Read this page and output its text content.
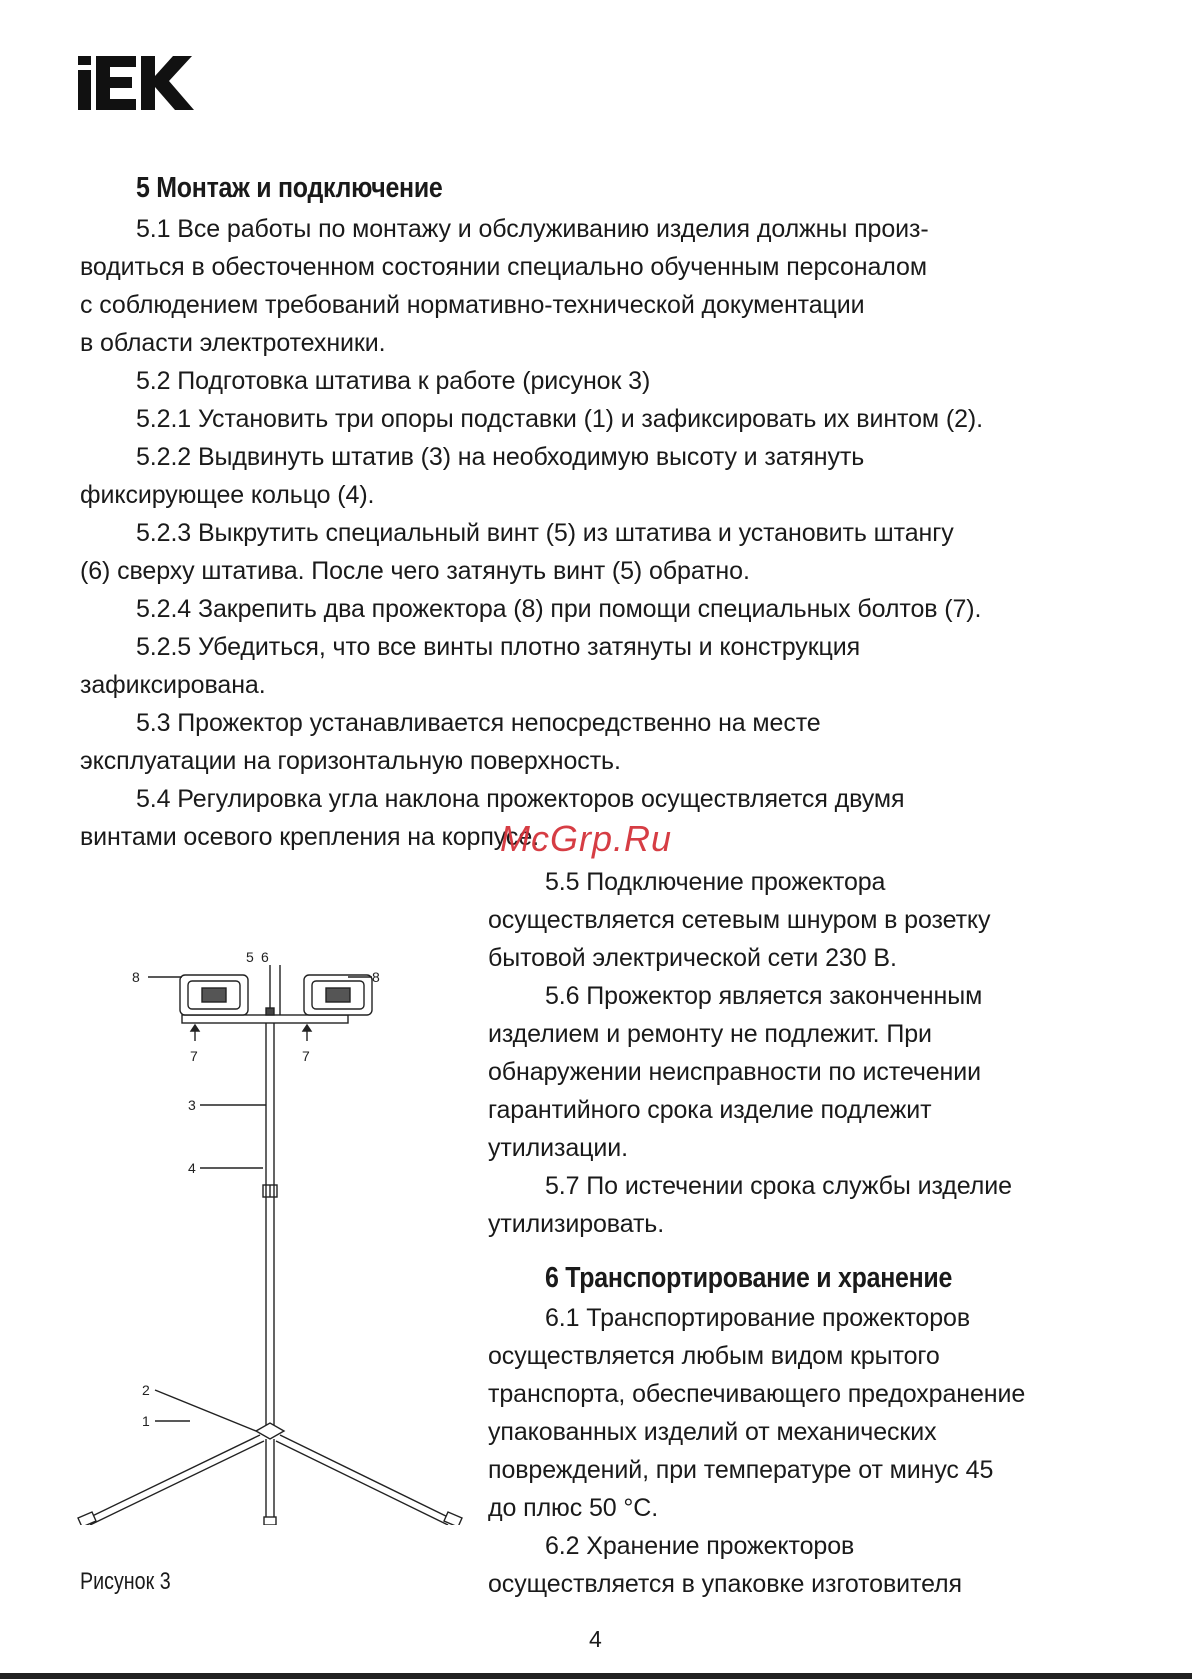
5 Монтаж и подключение
5.1 Все работы по монтажу и обслуживанию изделия должны произ-
водиться в обесточенном состоянии специально обученным персоналом
с соблюдением требований нормативно-технической документации
в области электротехники.
5.2 Подготовка штатива к работе (рисунок 3)
5.2.1 Установить три опоры подставки (1) и зафиксировать их винтом (2).
5.2.2 Выдвинуть штатив (3) на необходимую высоту и затянуть
фиксирующее кольцо (4).
5.2.3 Выкрутить специальный винт (5) из штатива и установить штангу
(6) сверху штатива. После чего затянуть винт (5) обратно.
5.2.4 Закрепить два прожектора (8) при помощи специальных болтов (7).
5.2.5 Убедиться, что все винты плотно затянуты и конструкция
зафиксирована.
5.3 Прожектор устанавливается непосредственно на месте
эксплуатации на горизонтальную поверхность.
5.4 Регулировка угла наклона прожекторов осуществляется двумя
винтами осевого крепления на корпусе.
McGrp.Ru
5.5 Подключение прожектора
осуществляется сетевым шнуром в розетку
бытовой электрической сети 230 В.
5.6 Прожектор является законченным
изделием и ремонту не подлежит. При
обнаружении неисправности по истечении
гарантийного срока изделие подлежит
утилизации.
5.7 По истечении срока службы изделие
утилизировать.
6 Транспортирование и хранение
6.1 Транспортирование прожекторов
осуществляется любым видом крытого
транспорта, обеспечивающего предохранение
упакованных изделий от механических
повреждений, при температуре от минус 45
до плюс 50 °С.
6.2 Хранение прожекторов
осуществляется в упаковке изготовителя
8	8
5 6
7	7
3
4
2
1
Рисунок 3
4
